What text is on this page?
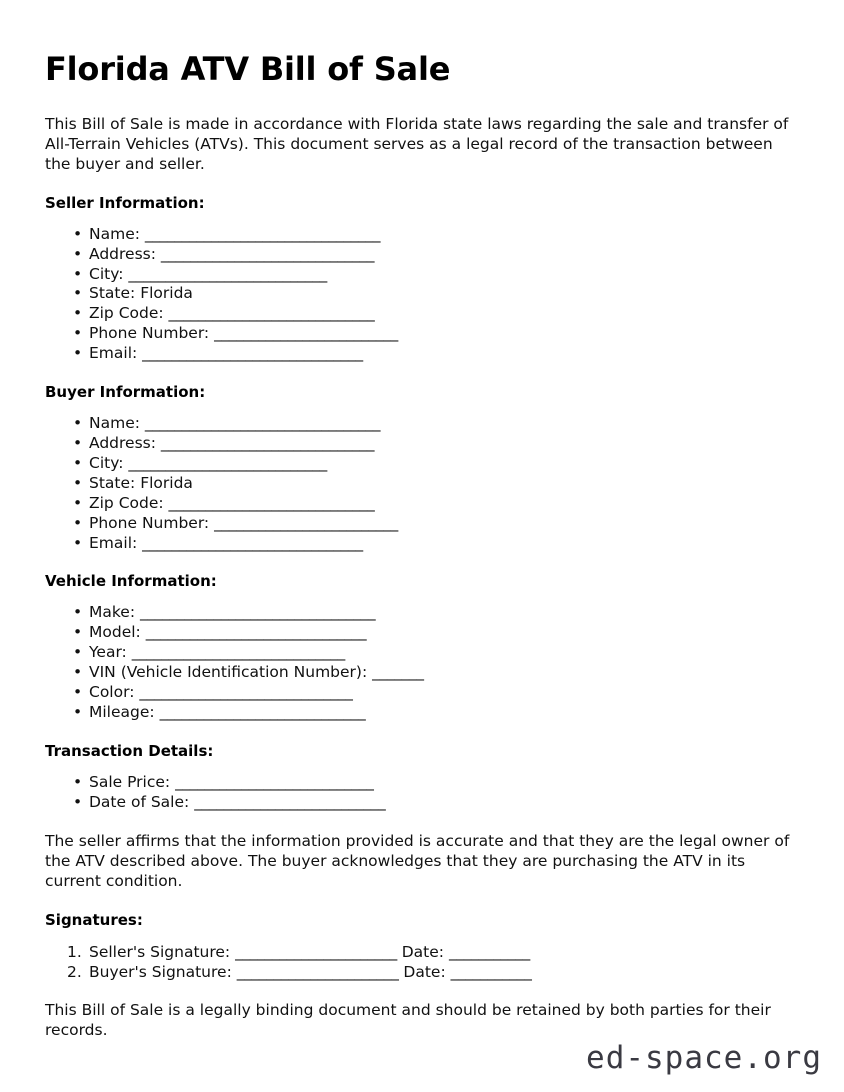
Florida ATV Bill of Sale

This Bill of Sale is made in accordance with Florida state laws regarding the sale and transfer of All-Terrain Vehicles (ATVs). This document serves as a legal record of the transaction between the buyer and seller.

Seller Information:
• Name: ________________________________
• Address: _____________________________
• City: ___________________________
• State: Florida
• Zip Code: ____________________________
• Phone Number: _________________________
• Email: ______________________________
Buyer Information:
• Name: ________________________________
• Address: _____________________________
• City: ___________________________
• State: Florida
• Zip Code: ____________________________
• Phone Number: _________________________
• Email: ______________________________
Vehicle Information:
• Make: ________________________________
• Model: ______________________________
• Year: _____________________________
• VIN (Vehicle Identification Number): _______
• Color: _____________________________
• Mileage: ____________________________
Transaction Details:
• Sale Price: ___________________________
• Date of Sale: __________________________

The seller affirms that the information provided is accurate and that they are the legal owner of the ATV described above. The buyer acknowledges that they are purchasing the ATV in its current condition.

Signatures:
Seller's Signature: ______________________ Date: ___________
Buyer's Signature: ______________________ Date: ___________

This Bill of Sale is a legally binding document and should be retained by both parties for their records.

ed-space.org
